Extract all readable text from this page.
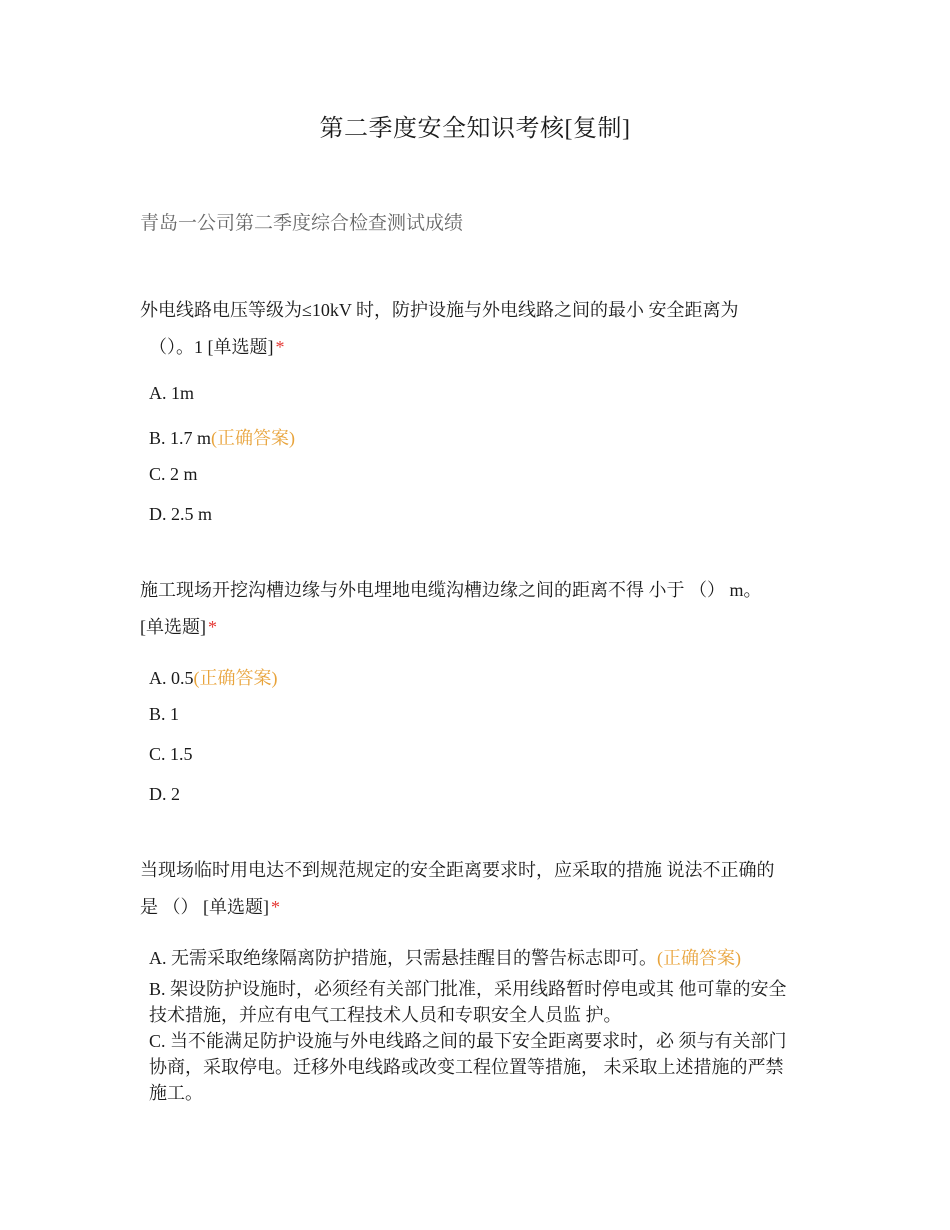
第二季度安全知识考核[复制]
青岛一公司第二季度综合检查测试成绩
外电线路电压等级为≤10kV 时，防护设施与外电线路之间的最小 安全距离为
（）。1 [单选题] *
A. 1m
B. 1.7 m(正确答案)
C. 2 m
D. 2.5 m
施工现场开挖沟槽边缘与外电埋地电缆沟槽边缘之间的距离不得 小于 （） m。
[单选题] *
A. 0.5(正确答案)
B. 1
C. 1.5
D. 2
当现场临时用电达不到规范规定的安全距离要求时，应采取的措施 说法不正确的
是 （） [单选题] *
A. 无需采取绝缘隔离防护措施，只需悬挂醒目的警告标志即可。(正确答案)
B. 架设防护设施时，必须经有关部门批准，采用线路暂时停电或其 他可靠的安全技术措施，并应有电气工程技术人员和专职安全人员监 护。
C. 当不能满足防护设施与外电线路之间的最下安全距离要求时，必 须与有关部门协商，采取停电。迁移外电线路或改变工程位置等措施， 未采取上述措施的严禁施工。
